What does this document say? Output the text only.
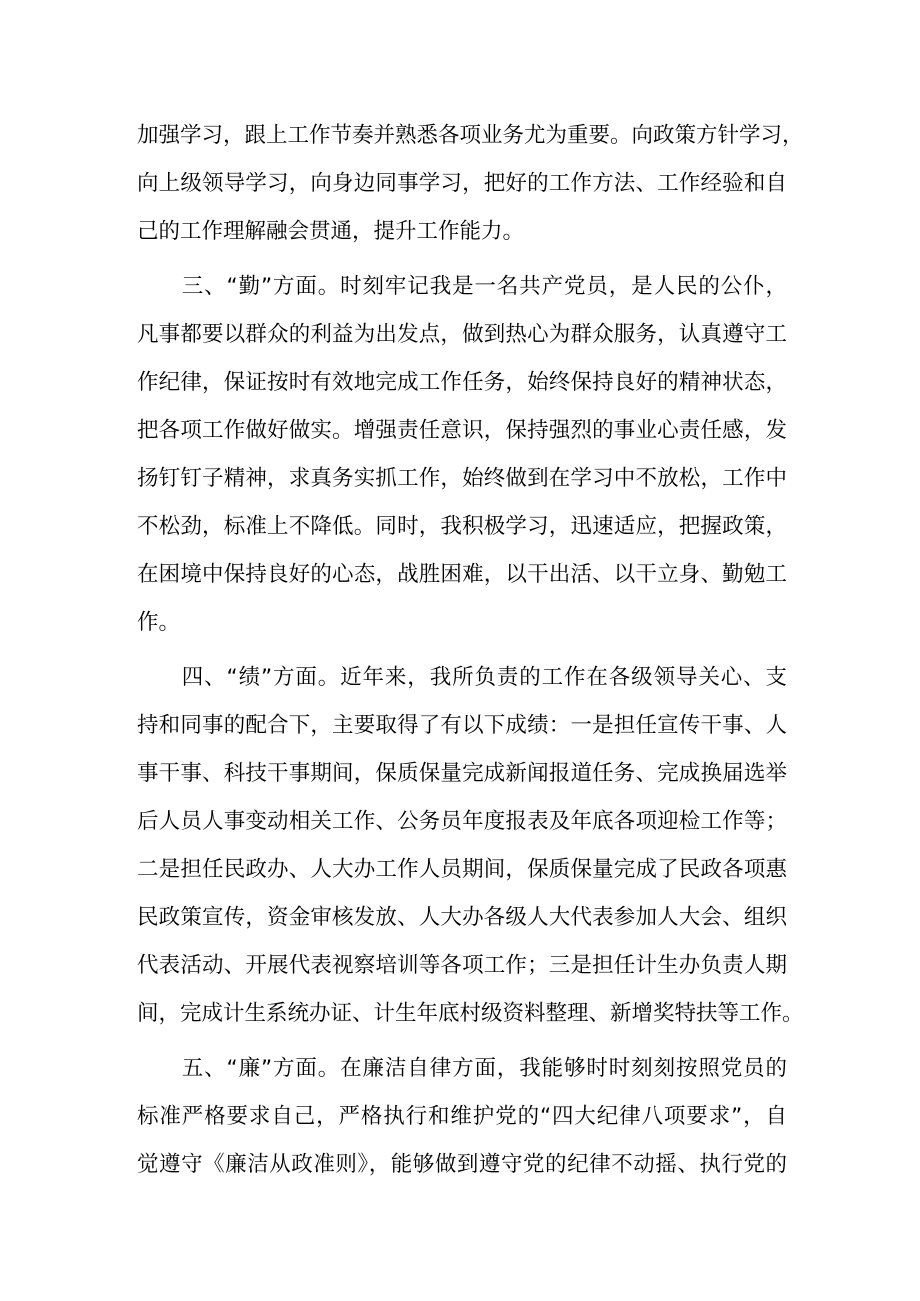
加强学习，跟上工作节奏并熟悉各项业务尤为重要。向政策方针学习，
向上级领导学习，向身边同事学习，把好的工作方法、工作经验和自
己的工作理解融会贯通，提升工作能力。
　　三、“勤”方面。时刻牢记我是一名共产党员，是人民的公仆，
凡事都要以群众的利益为出发点，做到热心为群众服务，认真遵守工
作纪律，保证按时有效地完成工作任务，始终保持良好的精神状态，
把各项工作做好做实。增强责任意识，保持强烈的事业心责任感，发
扬钉钉子精神，求真务实抓工作，始终做到在学习中不放松，工作中
不松劲，标准上不降低。同时，我积极学习，迅速适应，把握政策，
在困境中保持良好的心态，战胜困难，以干出活、以干立身、勤勉工
作。
　　四、“绩”方面。近年来，我所负责的工作在各级领导关心、支
持和同事的配合下，主要取得了有以下成绩：一是担任宣传干事、人
事干事、科技干事期间，保质保量完成新闻报道任务、完成换届选举
后人员人事变动相关工作、公务员年度报表及年底各项迎检工作等；
二是担任民政办、人大办工作人员期间，保质保量完成了民政各项惠
民政策宣传，资金审核发放、人大办各级人大代表参加人大会、组织
代表活动、开展代表视察培训等各项工作；三是担任计生办负责人期
间，完成计生系统办证、计生年底村级资料整理、新增奖特扶等工作。
　　五、“廉”方面。在廉洁自律方面，我能够时时刻刻按照党员的
标准严格要求自己，严格执行和维护党的“四大纪律八项要求”，自
觉遵守《廉洁从政准则》，能够做到遵守党的纪律不动摇、执行党的
